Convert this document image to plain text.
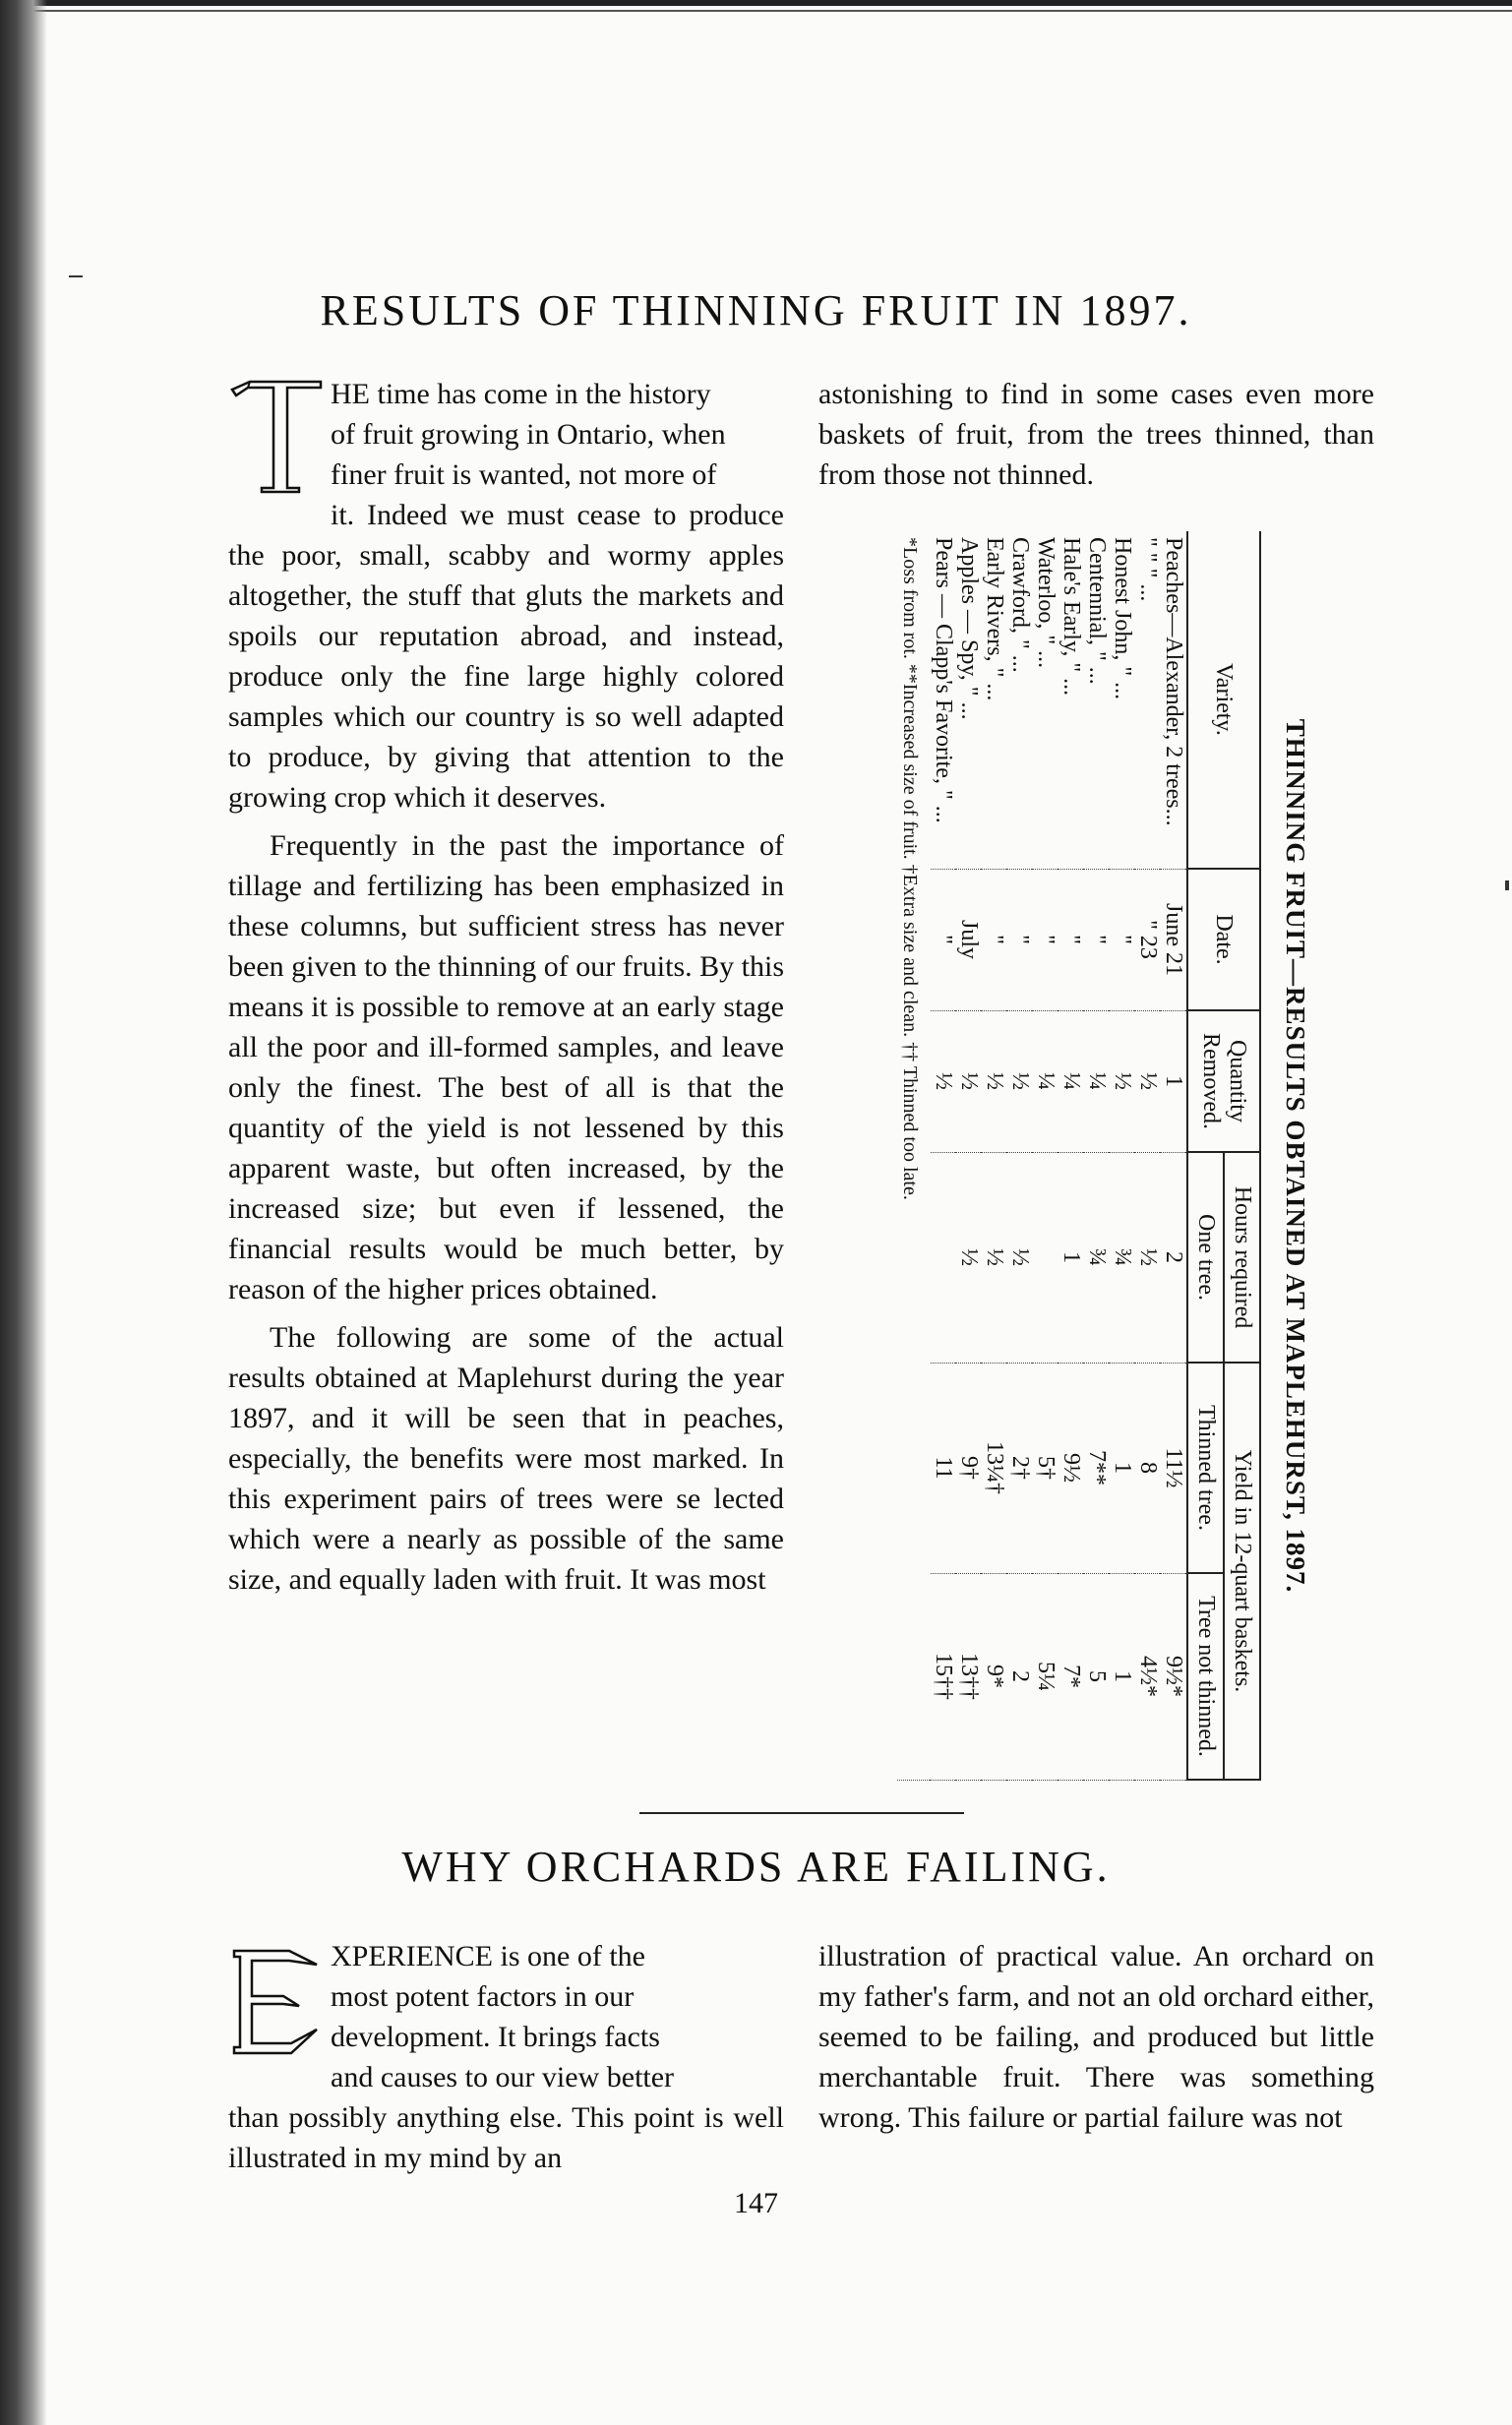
RESULTS OF THINNING FRUIT IN 1897.
HE time has come in the history
of fruit growing in Ontario, when
finer fruit is wanted, not more of

it. Indeed we must cease to produce the poor, small, scabby and wormy apples altogether, the stuff that gluts the markets and spoils our reputation abroad, and instead, produce only the fine large highly colored samples which our country is so well adapted to produce, by giving that attention to the growing crop which it deserves.

Frequently in the past the importance of tillage and fertilizing has been emphasized in these columns, but sufficient stress has never been given to the thinning of our fruits. By this means it is possible to remove at an early stage all the poor and ill-formed samples, and leave only the finest. The best of all is that the quantity of the yield is not lessened by this apparent waste, but often increased, by the increased size; but even if lessened, the financial results would be much better, by reason of the higher prices obtained.

The following are some of the actual results obtained at Maplehurst during the year 1897, and it will be seen that in peaches, especially, the benefits were most marked. In this experiment pairs of trees were se lected which were a nearly as possible of the same size, and equally laden with fruit. It was most

astonishing to find in some cases even more baskets of fruit, from the trees thinned, than from those not thinned.

THINNING FRUIT—RESULTS OBTAINED AT MAPLEHURST, 1897.
Variety.	Date.	Quantity Removed.	Hours required	Yield in 12-quart baskets.	
			One tree.	Thinned tree.	Tree not thinned.
Peaches—Alexander, 2 trees...	June 21	1	2	11½	9½*
" " " ...	" 23	½	½	8	4½*
Honest John, " ...	"	½	¾	1	1
Centennial, " ...	"	¼	¾	7**	5
Hale's Early, " ...	"	¼	1	9½	7*
Waterloo, " ...	"	¼		5†	5¼
Crawford, " ...	"	½	½	2†	2
Early Rivers, " ...	"	½	½	13¼†	9*
Apples — Spy, " ...	July	½	½	9†	13††
Pears — Clapp's Favorite, " ...	"	½		11	15††
*Loss from rot. **Increased size of fruit. †Extra size and clean. †† Thinned too late.					
WHY ORCHARDS ARE FAILING.
XPERIENCE is one of the
most potent factors in our
development. It brings facts
and causes to our view better

than possibly anything else. This point is well illustrated in my mind by an

illustration of practical value. An orchard on my father's farm, and not an old orchard either, seemed to be failing, and produced but little merchantable fruit. There was something wrong. This failure or partial failure was not

147
